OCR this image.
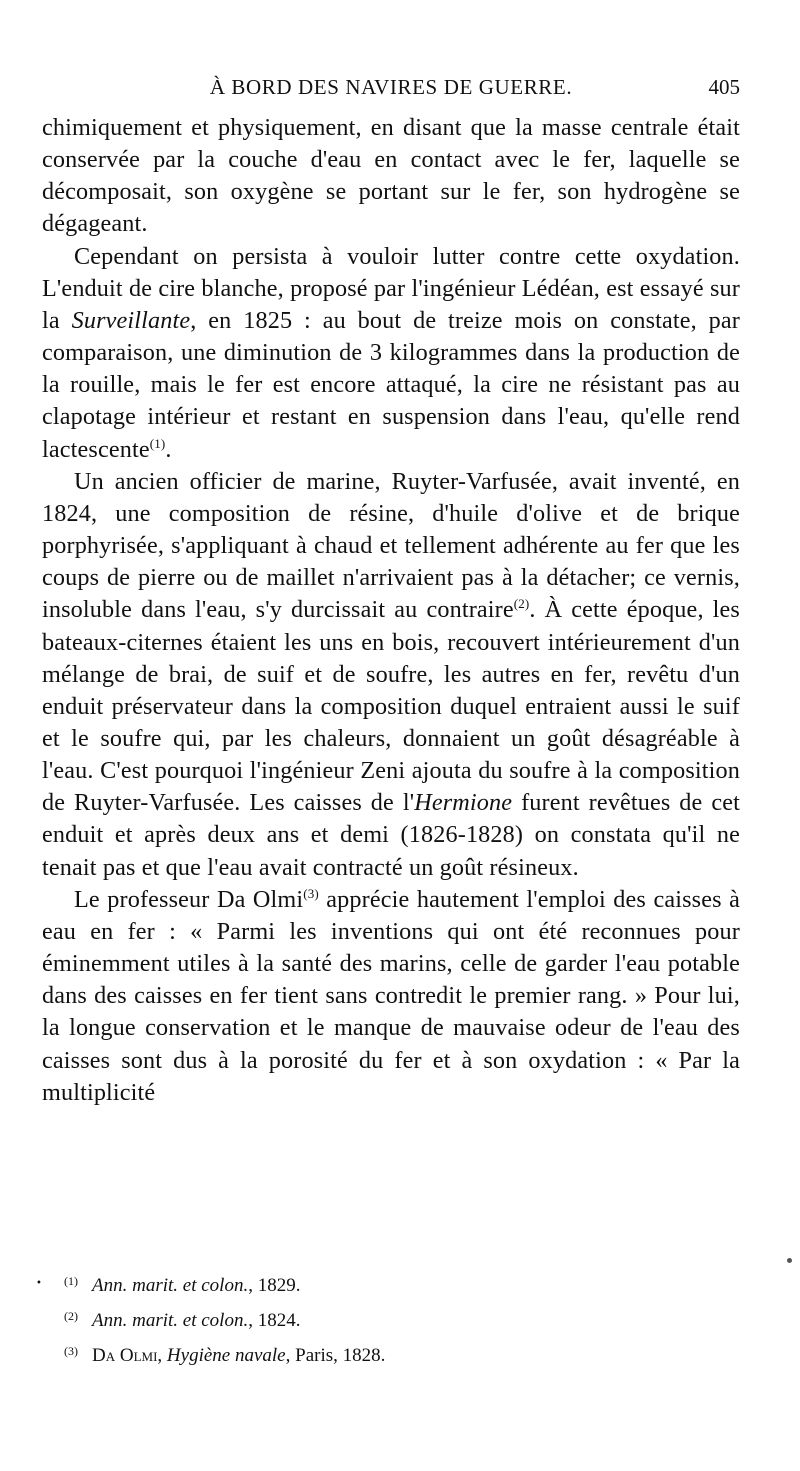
À BORD DES NAVIRES DE GUERRE.	405

chimiquement et physiquement, en disant que la masse centrale était conservée par la couche d'eau en contact avec le fer, laquelle se décomposait, son oxygène se portant sur le fer, son hydrogène se dégageant.

Cependant on persista à vouloir lutter contre cette oxydation. L'enduit de cire blanche, proposé par l'ingénieur Lédéan, est essayé sur la Surveillante, en 1825 : au bout de treize mois on constate, par comparaison, une diminution de 3 kilogrammes dans la production de la rouille, mais le fer est encore attaqué, la cire ne résistant pas au clapotage intérieur et restant en suspension dans l'eau, qu'elle rend lactescente$^{(1)}$.

Un ancien officier de marine, Ruyter-Varfusée, avait inventé, en 1824, une composition de résine, d'huile d'olive et de brique porphyrisée, s'appliquant à chaud et tellement adhérente au fer que les coups de pierre ou de maillet n'arrivaient pas à la détacher; ce vernis, insoluble dans l'eau, s'y durcissait au contraire$^{(2)}$. À cette époque, les bateaux-citernes étaient les uns en bois, recouvert intérieurement d'un mélange de brai, de suif et de soufre, les autres en fer, revêtu d'un enduit préservateur dans la composition duquel entraient aussi le suif et le soufre qui, par les chaleurs, donnaient un goût désagréable à l'eau. C'est pourquoi l'ingénieur Zeni ajouta du soufre à la composition de Ruyter-Varfusée. Les caisses de l'Hermione furent revêtues de cet enduit et après deux ans et demi (1826-1828) on constata qu'il ne tenait pas et que l'eau avait contracté un goût résineux.

Le professeur Da Olmi$^{(3)}$ apprécie hautement l'emploi des caisses à eau en fer : « Parmi les inventions qui ont été reconnues pour éminemment utiles à la santé des marins, celle de garder l'eau potable dans des caisses en fer tient sans contredit le premier rang. » Pour lui, la longue conservation et le manque de mauvaise odeur de l'eau des caisses sont dus à la porosité du fer et à son oxydation : « Par la multiplicité

• $^{(1)}$ Ann. marit. et colon., 1829.
$^{(2)}$ Ann. marit. et colon., 1824.
$^{(3)}$ Da Olmi, Hygiène navale, Paris, 1828.
